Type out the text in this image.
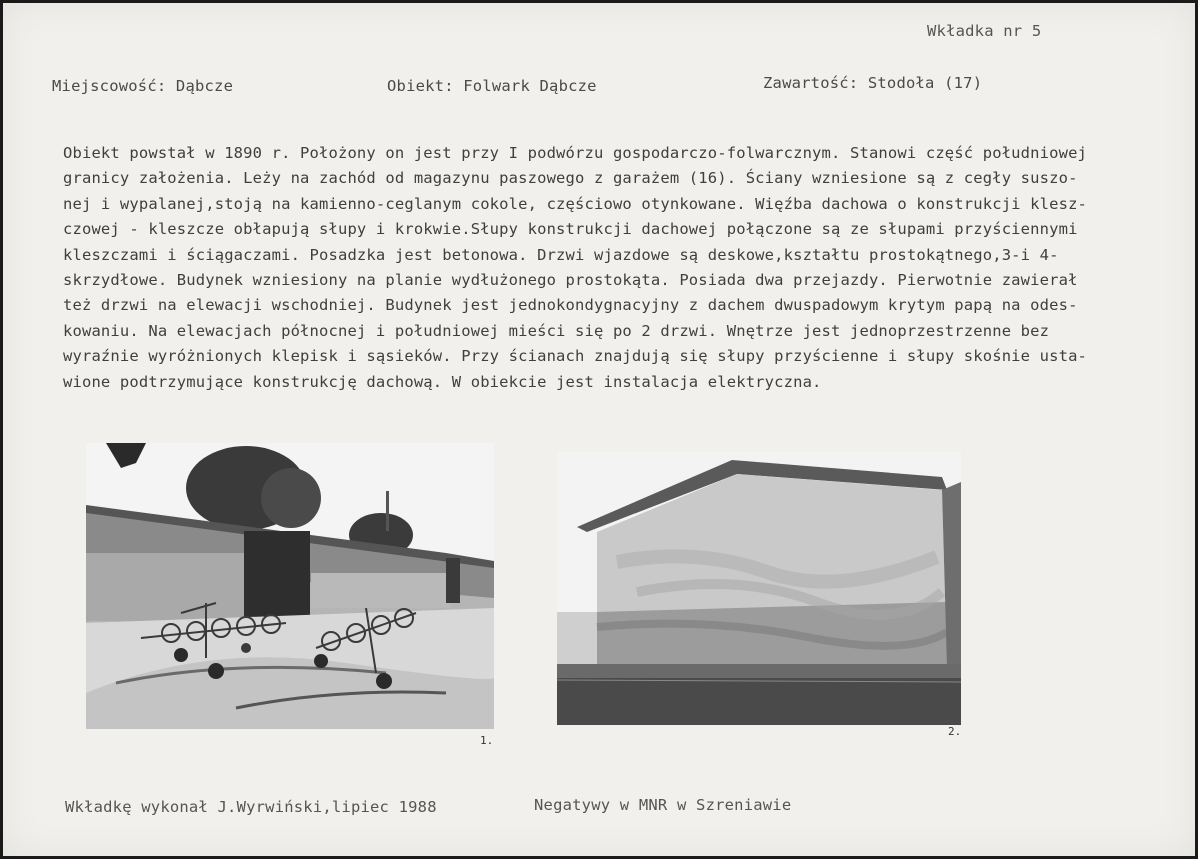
Wkładka nr 5
Miejscowość: Dąbcze	Obiekt: Folwark Dąbcze	Zawartość: Stodoła (17)
Obiekt powstał w 1890 r. Położony on jest przy I podwórzu gospodarczo-folwarcznym. Stanowi część południowej
granicy założenia. Leży na zachód od magazynu paszowego z garażem (16). Ściany wzniesione są z cegły suszo-
nej i wypalanej,stoją na kamienno-ceglanym cokole, częściowo otynkowane. Więźba dachowa o konstrukcji klesz-
czowej - kleszcze obłapują słupy i krokwie.Słupy konstrukcji dachowej połączone są ze słupami przyściennymi
kleszczami i ściągaczami. Posadzka jest betonowa. Drzwi wjazdowe są deskowe,kształtu prostokątnego,3-i 4-
skrzydłowe. Budynek wzniesiony na planie wydłużonego prostokąta. Posiada dwa przejazdy. Pierwotnie zawierał
też drzwi na elewacji wschodniej. Budynek jest jednokondygnacyjny z dachem dwuspadowym krytym papą na odes-
kowaniu. Na elewacjach północnej i południowej mieści się po 2 drzwi. Wnętrze jest jednoprzestrzenne bez
wyraźnie wyróżnionych klepisk i sąsieków. Przy ścianach znajdują się słupy przyścienne i słupy skośnie usta-
wione podtrzymujące konstrukcję dachową. W obiekcie jest instalacja elektryczna.
1.
2.
Wkładkę wykonał J.Wyrwiński,lipiec 1988	Negatywy w MNR w Szreniawie
